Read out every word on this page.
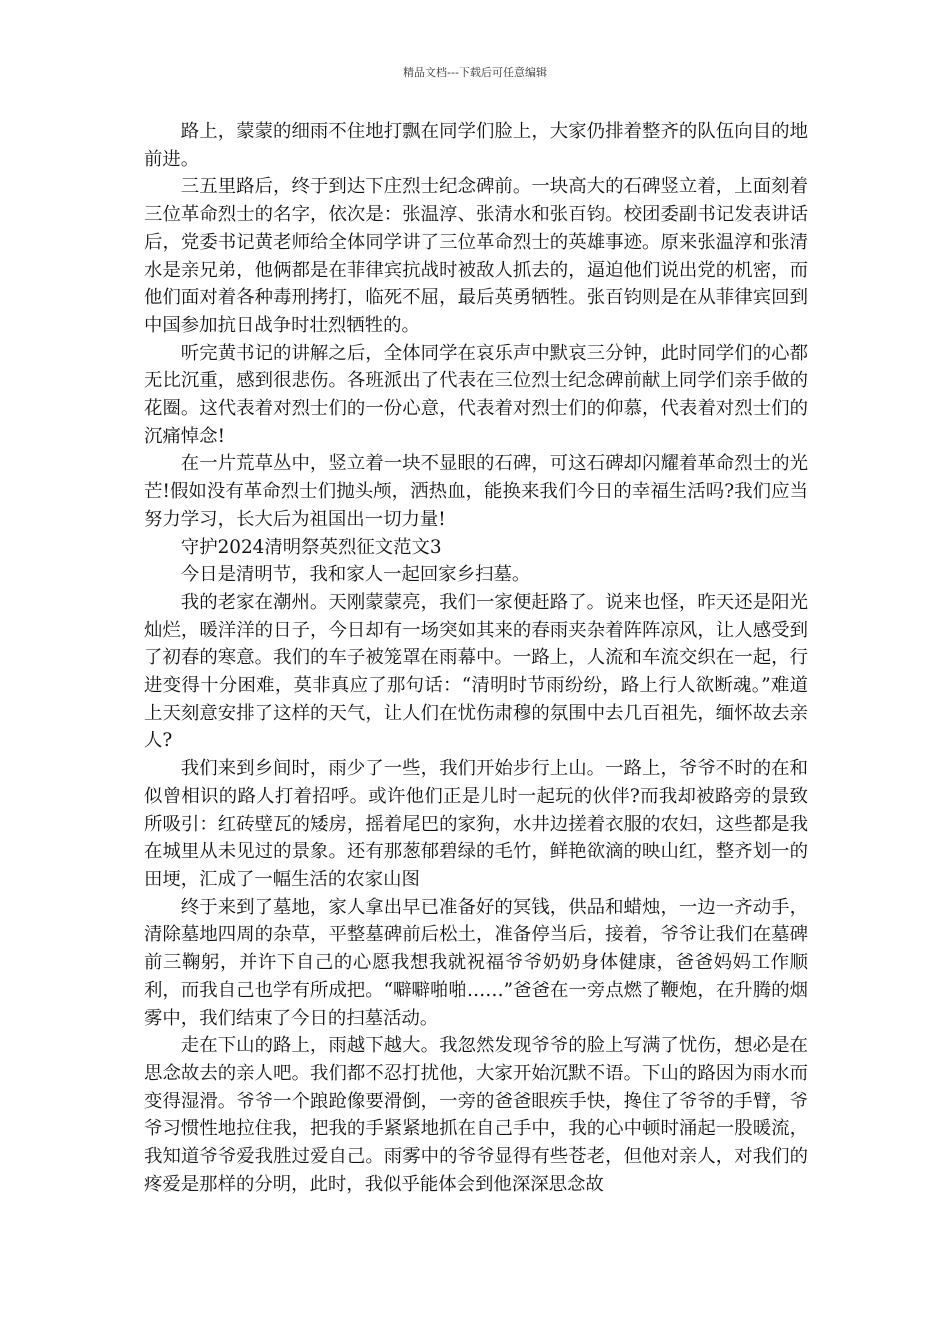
精品文档---下载后可任意编辑

路上，蒙蒙的细雨不住地打飘在同学们脸上，大家仍排着整齐的队伍向目的地前进。

三五里路后，终于到达下庄烈士纪念碑前。一块高大的石碑竖立着，上面刻着三位革命烈士的名字，依次是：张温淳、张清水和张百钧。校团委副书记发表讲话后，党委书记黄老师给全体同学讲了三位革命烈士的英雄事迹。原来张温淳和张清水是亲兄弟，他俩都是在菲律宾抗战时被敌人抓去的，逼迫他们说出党的机密，而他们面对着各种毒刑拷打，临死不屈，最后英勇牺牲。张百钧则是在从菲律宾回到中国参加抗日战争时壮烈牺牲的。

听完黄书记的讲解之后，全体同学在哀乐声中默哀三分钟，此时同学们的心都无比沉重，感到很悲伤。各班派出了代表在三位烈士纪念碑前献上同学们亲手做的花圈。这代表着对烈士们的一份心意，代表着对烈士们的仰慕，代表着对烈士们的沉痛悼念!

在一片荒草丛中，竖立着一块不显眼的石碑，可这石碑却闪耀着革命烈士的光芒!假如没有革命烈士们抛头颅，洒热血，能换来我们今日的幸福生活吗?我们应当努力学习，长大后为祖国出一切力量!

守护2024清明祭英烈征文范文3

今日是清明节，我和家人一起回家乡扫墓。

我的老家在潮州。天刚蒙蒙亮，我们一家便赶路了。说来也怪，昨天还是阳光灿烂，暖洋洋的日子，今日却有一场突如其来的春雨夹杂着阵阵凉风，让人感受到了初春的寒意。我们的车子被笼罩在雨幕中。一路上，人流和车流交织在一起，行进变得十分困难，莫非真应了那句话：“清明时节雨纷纷，路上行人欲断魂。”难道上天刻意安排了这样的天气，让人们在忧伤肃穆的氛围中去几百祖先，缅怀故去亲人?

我们来到乡间时，雨少了一些，我们开始步行上山。一路上，爷爷不时的在和似曾相识的路人打着招呼。或许他们正是儿时一起玩的伙伴?而我却被路旁的景致所吸引：红砖壁瓦的矮房，摇着尾巴的家狗，水井边搓着衣服的农妇，这些都是我在城里从未见过的景象。还有那葱郁碧绿的毛竹，鲜艳欲滴的映山红，整齐划一的田埂，汇成了一幅生活的农家山图

终于来到了墓地，家人拿出早已准备好的冥钱，供品和蜡烛，一边一齐动手，清除墓地四周的杂草，平整墓碑前后松土，准备停当后，接着，爷爷让我们在墓碑前三鞠躬，并许下自己的心愿我想我就祝福爷爷奶奶身体健康，爸爸妈妈工作顺利，而我自己也学有所成把。“噼噼啪啪……”爸爸在一旁点燃了鞭炮，在升腾的烟雾中，我们结束了今日的扫墓活动。

走在下山的路上，雨越下越大。我忽然发现爷爷的脸上写满了忧伤，想必是在思念故去的亲人吧。我们都不忍打扰他，大家开始沉默不语。下山的路因为雨水而变得湿滑。爷爷一个踉跄像要滑倒，一旁的爸爸眼疾手快，搀住了爷爷的手臂，爷爷习惯性地拉住我，把我的手紧紧地抓在自己手中，我的心中顿时涌起一股暖流，我知道爷爷爱我胜过爱自己。雨雾中的爷爷显得有些苍老，但他对亲人，对我们的疼爱是那样的分明，此时，我似乎能体会到他深深思念故
